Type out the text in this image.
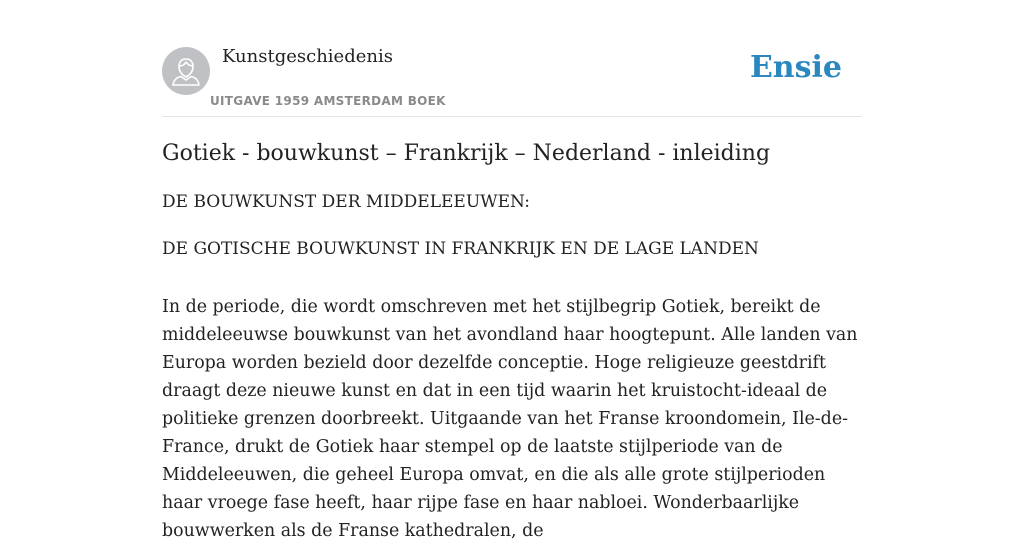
Kunstgeschiedenis
UITGAVE 1959 AMSTERDAM BOEK
Ensie
Gotiek - bouwkunst – Frankrijk – Nederland - inleiding

DE BOUWKUNST DER MIDDELEEUWEN:

DE GOTISCHE BOUWKUNST IN FRANKRIJK EN DE LAGE LANDEN

In de periode, die wordt omschreven met het stijlbegrip Gotiek, bereikt de middeleeuwse bouwkunst van het avondland haar hoogtepunt. Alle landen van Europa worden bezield door dezelfde conceptie. Hoge religieuze geestdrift draagt deze nieuwe kunst en dat in een tijd waarin het kruistocht-ideaal de politieke grenzen doorbreekt. Uitgaande van het Franse kroondomein, Ile-de-France, drukt de Gotiek haar stempel op de laatste stijlperiode van de Middeleeuwen, die geheel Europa omvat, en die als alle grote stijlperioden haar vroege fase heeft, haar rijpe fase en haar nabloei. Wonderbaarlijke bouwwerken als de Franse kathedralen, de
